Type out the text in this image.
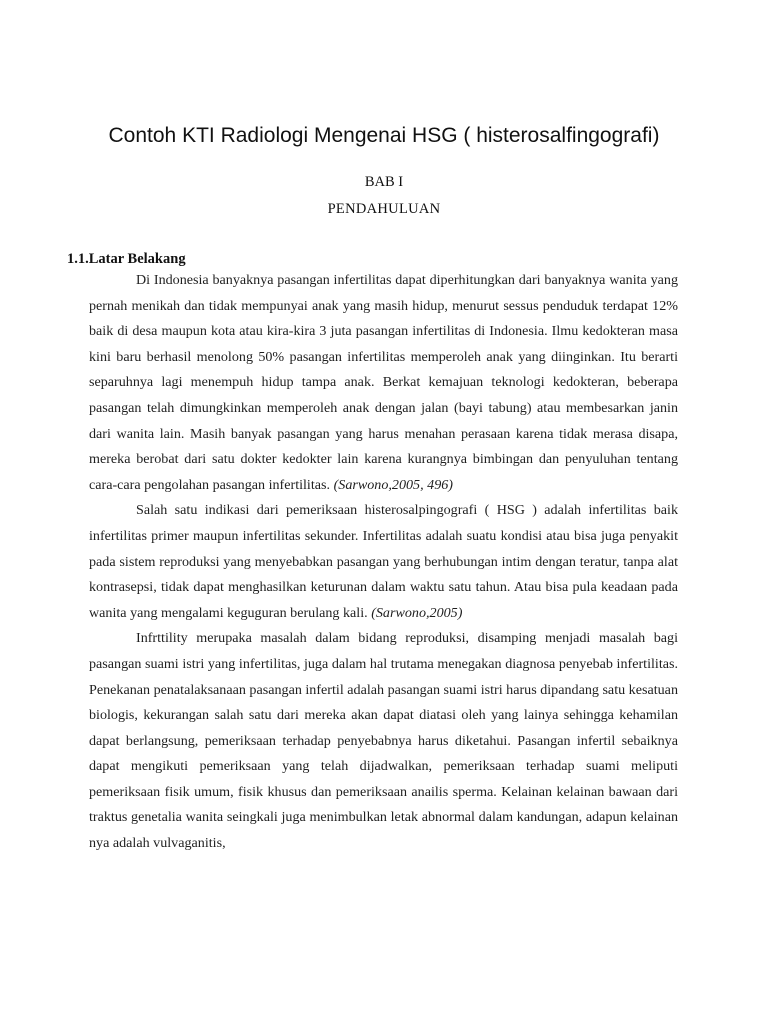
Contoh KTI Radiologi Mengenai HSG ( histerosalfingografi)

BAB I

PENDAHULUAN

1.1.Latar Belakang

Di Indonesia banyaknya pasangan infertilitas dapat diperhitungkan dari banyaknya wanita yang pernah menikah dan tidak mempunyai anak yang masih hidup, menurut sessus penduduk terdapat 12% baik di desa maupun kota atau kira-kira 3 juta pasangan infertilitas di Indonesia. Ilmu kedokteran masa kini baru berhasil menolong 50% pasangan infertilitas memperoleh anak yang diinginkan. Itu berarti separuhnya lagi menempuh hidup tampa anak. Berkat kemajuan teknologi kedokteran, beberapa pasangan telah dimungkinkan memperoleh anak dengan jalan (bayi tabung) atau membesarkan janin dari wanita lain. Masih banyak pasangan yang harus menahan perasaan karena tidak merasa disapa, mereka berobat dari satu dokter kedokter lain karena kurangnya bimbingan dan penyuluhan tentang cara-cara pengolahan pasangan infertilitas. (Sarwono,2005, 496)

Salah satu indikasi dari pemeriksaan histerosalpingografi ( HSG ) adalah infertilitas baik infertilitas primer maupun infertilitas sekunder. Infertilitas adalah suatu kondisi atau bisa juga penyakit pada sistem reproduksi yang menyebabkan pasangan yang berhubungan intim dengan teratur, tanpa alat kontrasepsi, tidak dapat menghasilkan keturunan dalam waktu satu tahun. Atau bisa pula keadaan pada wanita yang mengalami keguguran berulang kali. (Sarwono,2005)

Infrttility merupaka masalah dalam bidang reproduksi, disamping menjadi masalah bagi pasangan suami istri yang infertilitas, juga dalam hal trutama menegakan diagnosa penyebab infertilitas. Penekanan penatalaksanaan pasangan infertil adalah pasangan suami istri harus dipandang satu kesatuan biologis, kekurangan salah satu dari mereka akan dapat diatasi oleh yang lainya sehingga kehamilan dapat berlangsung, pemeriksaan terhadap penyebabnya harus diketahui. Pasangan infertil sebaiknya dapat mengikuti pemeriksaan yang telah dijadwalkan, pemeriksaan terhadap suami meliputi pemeriksaan fisik umum, fisik khusus dan pemeriksaan anailis sperma. Kelainan kelainan bawaan dari traktus genetalia wanita seingkali juga menimbulkan letak abnormal dalam kandungan, adapun kelainan nya adalah vulvaganitis,
